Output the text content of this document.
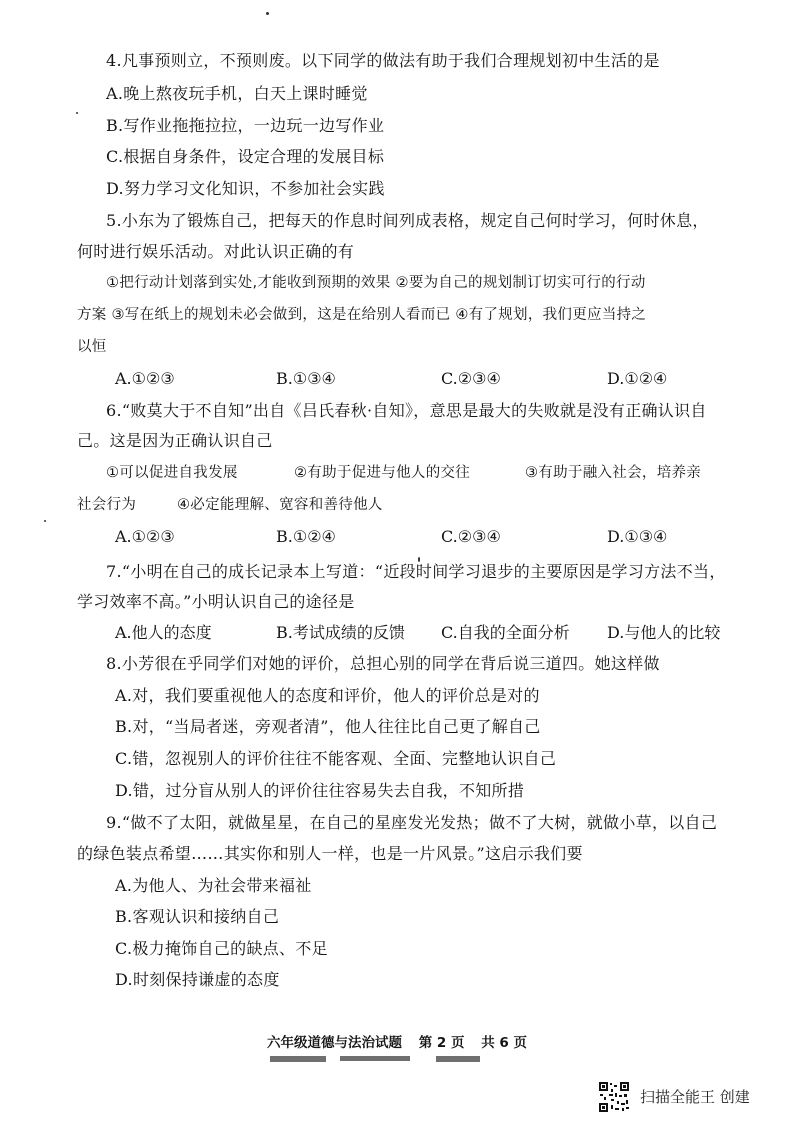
4.凡事预则立，不预则废。以下同学的做法有助于我们合理规划初中生活的是
A.晚上熬夜玩手机，白天上课时睡觉
B.写作业拖拖拉拉，一边玩一边写作业
C.根据自身条件，设定合理的发展目标
D.努力学习文化知识，不参加社会实践
5.小东为了锻炼自己，把每天的作息时间列成表格，规定自己何时学习，何时休息，
何时进行娱乐活动。对此认识正确的有
①把行动计划落到实处,才能收到预期的效果 ②要为自己的规划制订切实可行的行动
方案 ③写在纸上的规划未必会做到，这是在给别人看而已 ④有了规划，我们更应当持之
以恒
A.①②③	B.①③④	C.②③④	D.①②④
6.“败莫大于不自知”出自《吕氏春秋·自知》，意思是最大的失败就是没有正确认识自
己。这是因为正确认识自己
①可以促进自我发展	②有助于促进与他人的交往	③有助于融入社会，培养亲
社会行为	④必定能理解、宽容和善待他人
A.①②③	B.①②④	C.②③④	D.①③④
7.“小明在自己的成长记录本上写道：“近段时间学习退步的主要原因是学习方法不当，
学习效率不高。”小明认识自己的途径是
A.他人的态度	B.考试成绩的反馈 C.自我的全面分析 D.与他人的比较
8.小芳很在乎同学们对她的评价，总担心别的同学在背后说三道四。她这样做
A.对，我们要重视他人的态度和评价，他人的评价总是对的
B.对，“当局者迷，旁观者清”，他人往往比自己更了解自己
C.错，忽视别人的评价往往不能客观、全面、完整地认识自己
D.错，过分盲从别人的评价往往容易失去自我，不知所措
9.“做不了太阳，就做星星，在自己的星座发光发热；做不了大树，就做小草，以自己
的绿色装点希望……其实你和别人一样，也是一片风景。”这启示我们要
A.为他人、为社会带来福祉
B.客观认识和接纳自己
C.极力掩饰自己的缺点、不足
D.时刻保持谦虚的态度
六年级道德与法治试题 第 2 页 共 6 页
扫描全能王 创建
